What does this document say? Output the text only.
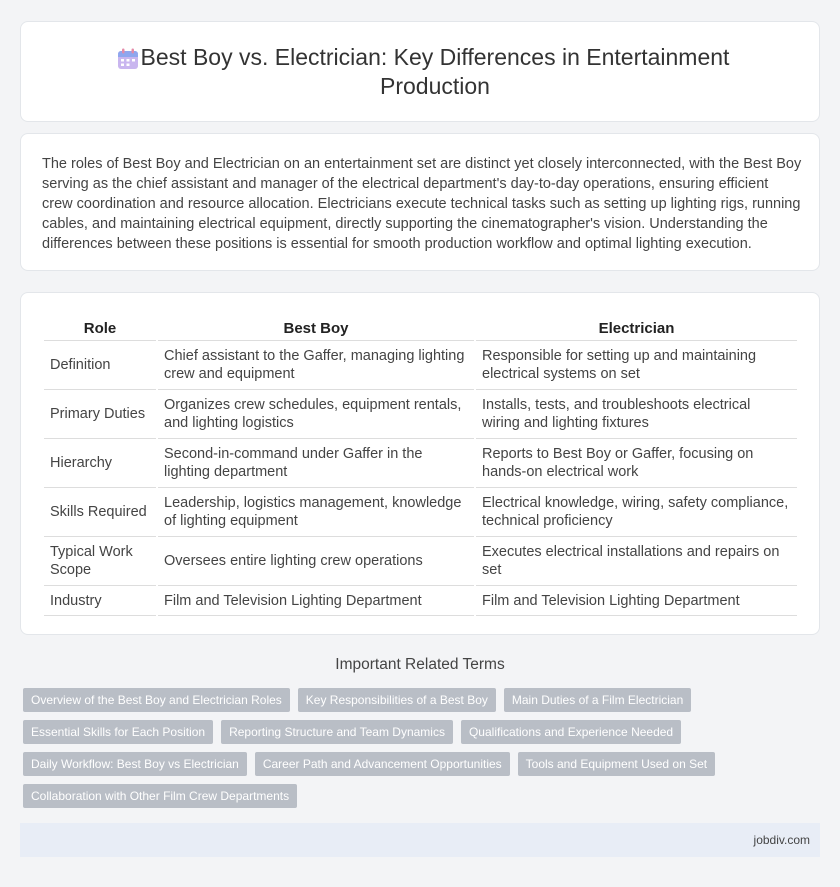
Best Boy vs. Electrician: Key Differences in Entertainment Production

The roles of Best Boy and Electrician on an entertainment set are distinct yet closely interconnected, with the Best Boy serving as the chief assistant and manager of the electrical department's day-to-day operations, ensuring efficient crew coordination and resource allocation. Electricians execute technical tasks such as setting up lighting rigs, running cables, and maintaining electrical equipment, directly supporting the cinematographer's vision. Understanding the differences between these positions is essential for smooth production workflow and optimal lighting execution.

Role	Best Boy	Electrician
Definition	Chief assistant to the Gaffer, managing lighting crew and equipment	Responsible for setting up and maintaining electrical systems on set
Primary Duties	Organizes crew schedules, equipment rentals, and lighting logistics	Installs, tests, and troubleshoots electrical wiring and lighting fixtures
Hierarchy	Second-in-command under Gaffer in the lighting department	Reports to Best Boy or Gaffer, focusing on hands-on electrical work
Skills Required	Leadership, logistics management, knowledge of lighting equipment	Electrical knowledge, wiring, safety compliance, technical proficiency
Typical Work Scope	Oversees entire lighting crew operations	Executes electrical installations and repairs on set
Industry	Film and Television Lighting Department	Film and Television Lighting Department
Important Related Terms
Overview of the Best Boy and Electrician Roles	Key Responsibilities of a Best Boy	Main Duties of a Film Electrician
Essential Skills for Each Position	Reporting Structure and Team Dynamics	Qualifications and Experience Needed
Daily Workflow: Best Boy vs Electrician	Career Path and Advancement Opportunities	Tools and Equipment Used on Set
Collaboration with Other Film Crew Departments
jobdiv.com
